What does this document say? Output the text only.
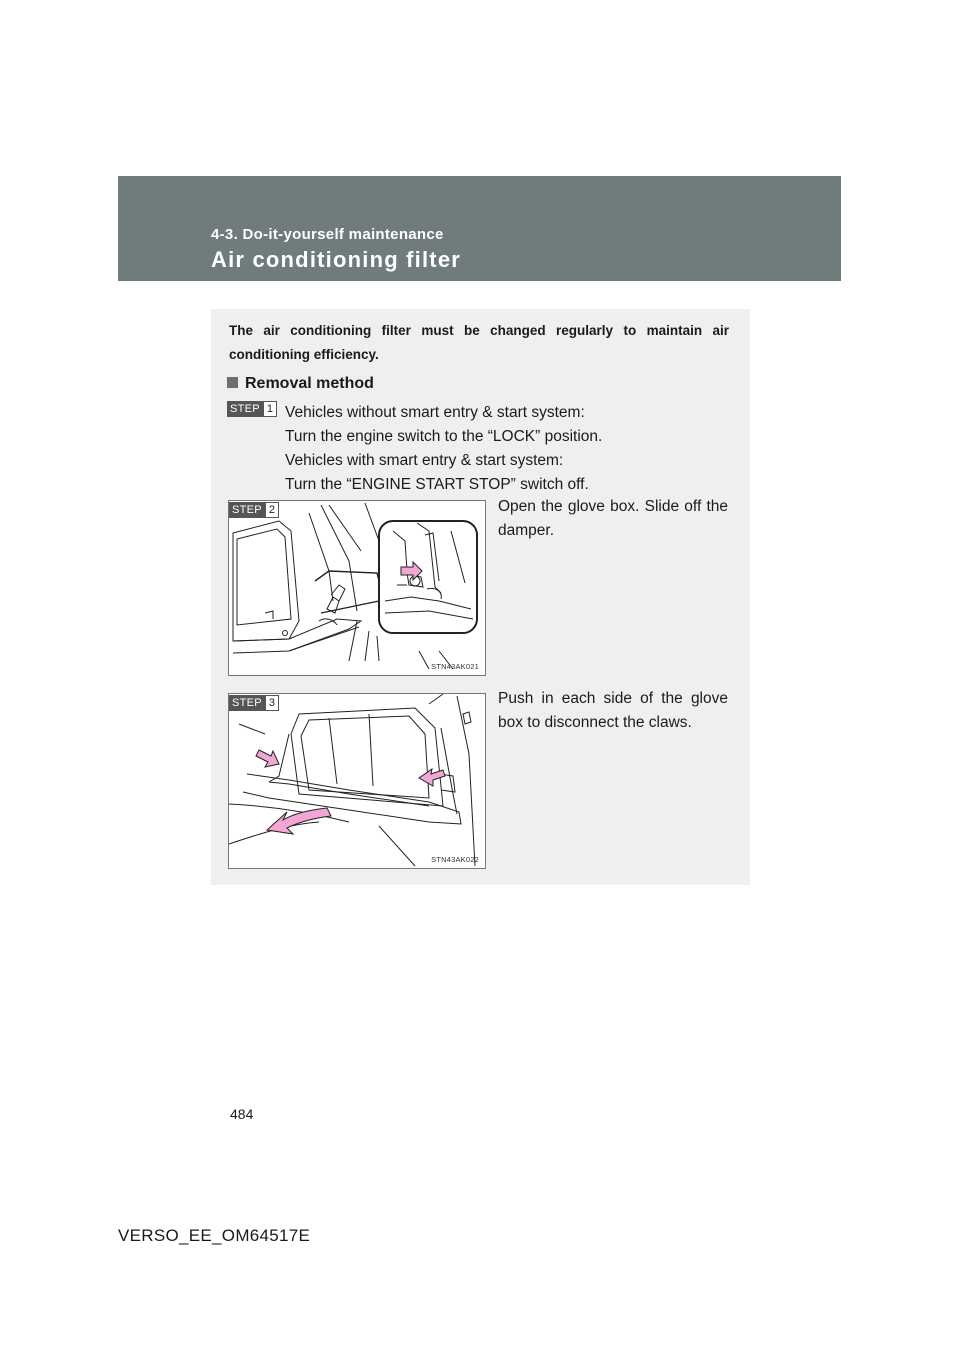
4-3. Do-it-yourself maintenance
Air conditioning filter
The air conditioning filter must be changed regularly to maintain air conditioning efficiency.
Removal method
STEP 1 Vehicles without smart entry & start system:
Turn the engine switch to the “LOCK” position.
Vehicles with smart entry & start system:
Turn the “ENGINE START STOP” switch off.
STN43AK021
STEP 2	Open the glove box. Slide off the damper.
STN43AK022
STEP 3	Push in each side of the glove box to disconnect the claws.
484
VERSO_EE_OM64517E
